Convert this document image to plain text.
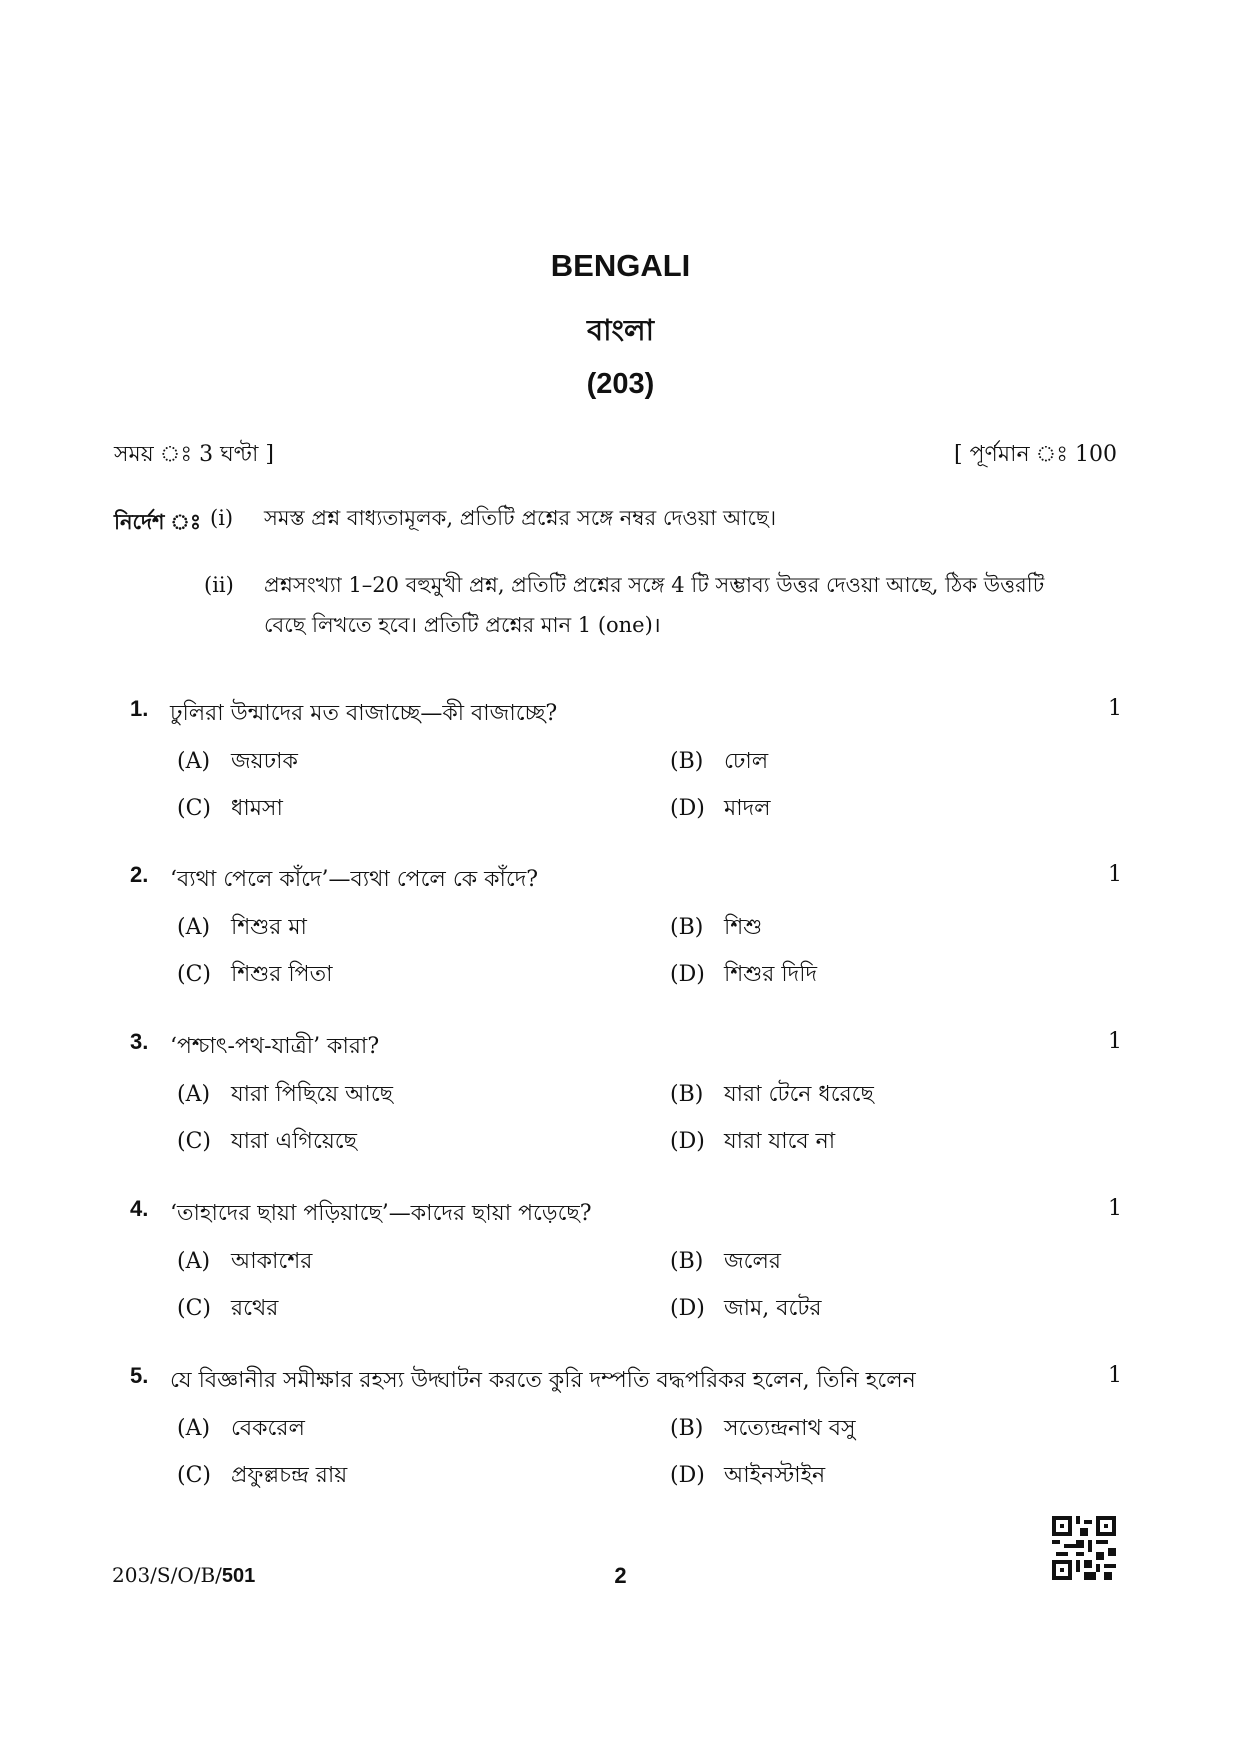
BENGALI
বাংলা
(203)
সময় ঃ 3 ঘণ্টা ]	[ পূর্ণমান ঃ 100
নির্দেশ ঃ (i) সমস্ত প্রশ্ন বাধ্যতামূলক, প্রতিটি প্রশ্নের সঙ্গে নম্বর দেওয়া আছে।
(ii) প্রশ্নসংখ্যা 1–20 বহুমুখী প্রশ্ন, প্রতিটি প্রশ্নের সঙ্গে 4 টি সম্ভাব্য উত্তর দেওয়া আছে, ঠিক উত্তরটি বেছে লিখতে হবে। প্রতিটি প্রশ্নের মান 1 (one)।
1. ঢুলিরা উন্মাদের মত বাজাচ্ছে—কী বাজাচ্ছে?	1
(A) জয়ঢাক	(B) ঢোল
(C) ধামসা	(D) মাদল
2. ‘ব্যথা পেলে কাঁদে’—ব্যথা পেলে কে কাঁদে?	1
(A) শিশুর মা	(B) শিশু
(C) শিশুর পিতা	(D) শিশুর দিদি
3. ‘পশ্চাৎ-পথ-যাত্রী’ কারা?	1
(A) যারা পিছিয়ে আছে	(B) যারা টেনে ধরেছে
(C) যারা এগিয়েছে	(D) যারা যাবে না
4. ‘তাহাদের ছায়া পড়িয়াছে’—কাদের ছায়া পড়েছে?	1
(A) আকাশের	(B) জলের
(C) রথের	(D) জাম, বটের
5. যে বিজ্ঞানীর সমীক্ষার রহস্য উদ্ঘাটন করতে কুরি দম্পতি বদ্ধপরিকর হলেন, তিনি হলেন	1
(A) বেকরেল	(B) সত্যেন্দ্রনাথ বসু
(C) প্রফুল্লচন্দ্র রায়	(D) আইনস্টাইন
203/S/O/B/501	2
